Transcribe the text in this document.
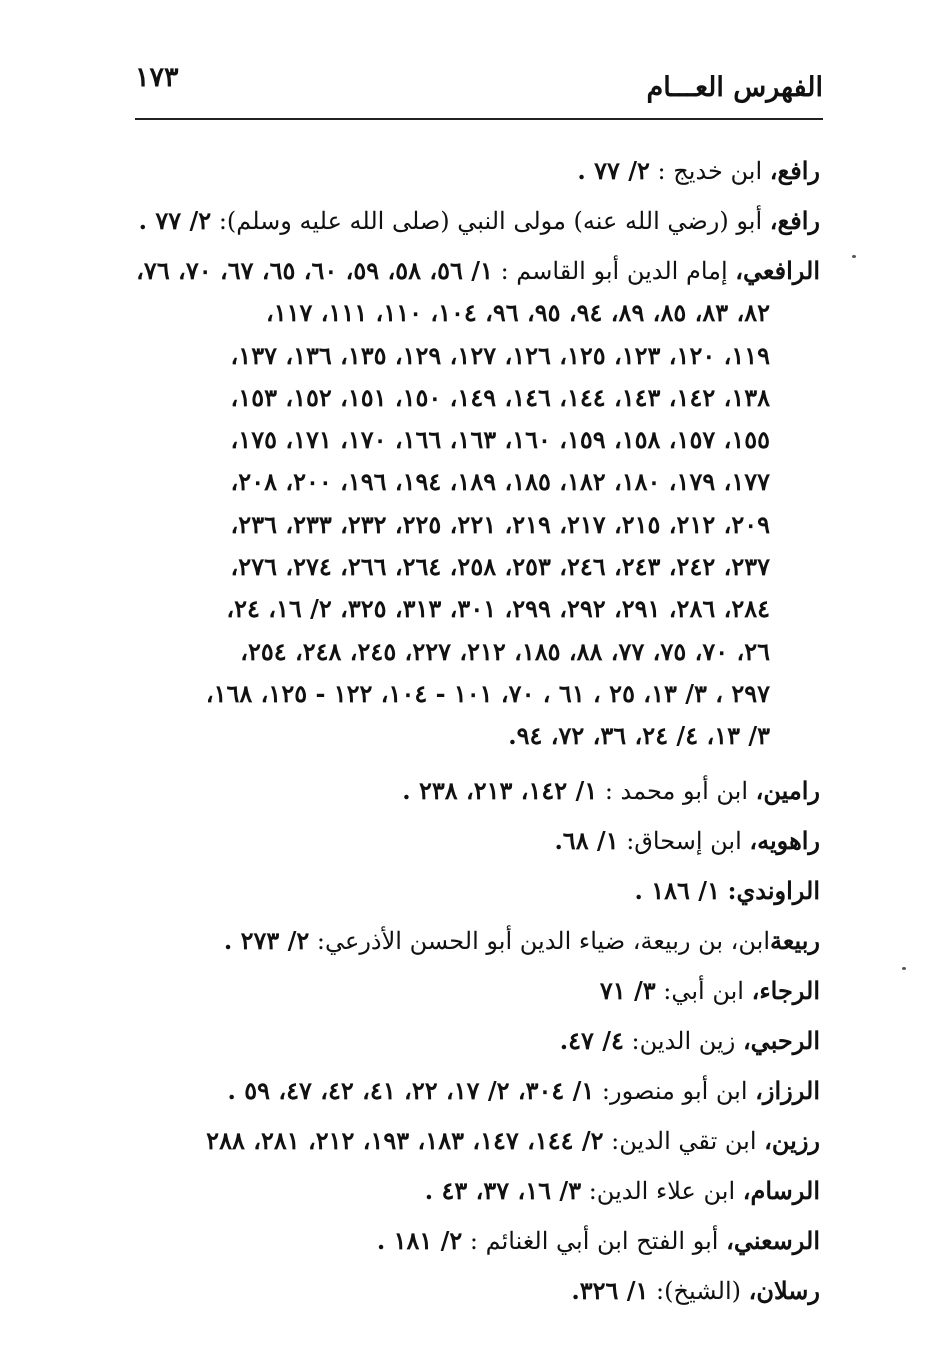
١٧٣	الفهرس العـــام
رافع، ابن خديج : ٢/ ٧٧ .
رافع، أبو (رضي الله عنه) مولى النبي (صلى الله عليه وسلم): ٢/ ٧٧ .
الرافعي، إمام الدين أبو القاسم : ١/ ٥٦، ٥٨، ٥٩، ٦٠، ٦٥، ٦٧، ٧٠، ٧٦،
٨٢، ٨٣، ٨٥، ٨٩، ٩٤، ٩٥، ٩٦، ١٠٤، ١١٠، ١١١، ١١٧،
١١٩، ١٢٠، ١٢٣، ١٢٥، ١٢٦، ١٢٧، ١٢٩، ١٣٥، ١٣٦، ١٣٧،
١٣٨، ١٤٢، ١٤٣، ١٤٤، ١٤٦، ١٤٩، ١٥٠، ١٥١، ١٥٢، ١٥٣،
١٥٥، ١٥٧، ١٥٨، ١٥٩، ١٦٠، ١٦٣، ١٦٦، ١٧٠، ١٧١، ١٧٥،
١٧٧، ١٧٩، ١٨٠، ١٨٢، ١٨٥، ١٨٩، ١٩٤، ١٩٦، ٢٠٠، ٢٠٨،
٢٠٩، ٢١٢، ٢١٥، ٢١٧، ٢١٩، ٢٢١، ٢٢٥، ٢٣٢، ٢٣٣، ٢٣٦،
٢٣٧، ٢٤٢، ٢٤٣، ٢٤٦، ٢٥٣، ٢٥٨، ٢٦٤، ٢٦٦، ٢٧٤، ٢٧٦،
٢٨٤، ٢٨٦، ٢٩١، ٢٩٢، ٢٩٩، ٣٠١، ٣١٣، ٣٢٥، ٢/ ١٦، ٢٤،
٢٦، ٧٠، ٧٥، ٧٧، ٨٨، ١٨٥، ٢١٢، ٢٢٧، ٢٤٥، ٢٤٨، ٢٥٤،
٢٩٧ ، ٣/ ١٣، ٢٥ ، ٦١ ، ٧٠، ١٠١ - ١٠٤، ١٢٢ - ١٢٥، ١٦٨،
٣/ ١٣، ٤/ ٢٤، ٣٦، ٧٢، ٩٤.
رامين، ابن أبو محمد : ١/ ١٤٢، ٢١٣، ٢٣٨ .
راهويه، ابن إسحاق: ١/ ٦٨.
الراوندي: ١/ ١٨٦ .
ربيعةابن، بن ربيعة، ضياء الدين أبو الحسن الأذرعي: ٢/ ٢٧٣ .
الرجاء، ابن أبي: ٣/ ٧١
الرحبي، زين الدين: ٤/ ٤٧.
الرزاز، ابن أبو منصور: ١/ ٣٠٤، ٢/ ١٧، ٢٢، ٤١، ٤٢، ٤٧، ٥٩ .
رزين، ابن تقي الدين: ٢/ ١٤٤، ١٤٧، ١٨٣، ١٩٣، ٢١٢، ٢٨١، ٢٨٨
الرسام، ابن علاء الدين: ٣/ ١٦، ٣٧، ٤٣ .
الرسعني، أبو الفتح ابن أبي الغنائم : ٢/ ١٨١ .
رسلان، (الشيخ): ١/ ٣٢٦.
